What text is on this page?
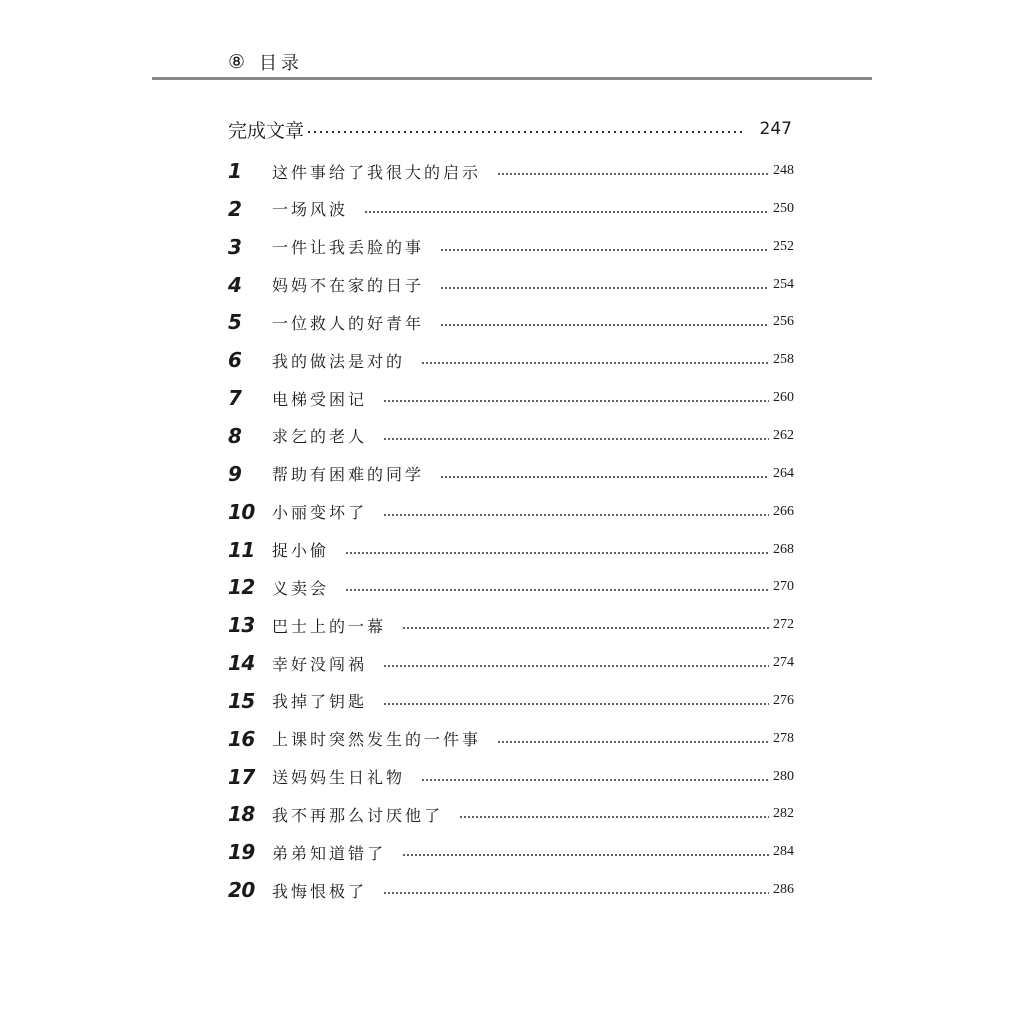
⑧ 目录
完成文章	247
1	这件事给了我很大的启示	248
2	一场风波	250
3	一件让我丢脸的事	252
4	妈妈不在家的日子	254
5	一位救人的好青年	256
6	我的做法是对的	258
7	电梯受困记	260
8	求乞的老人	262
9	帮助有困难的同学	264
10	小丽变坏了	266
11	捉小偷	268
12	义卖会	270
13	巴士上的一幕	272
14	幸好没闯祸	274
15	我掉了钥匙	276
16	上课时突然发生的一件事	278
17	送妈妈生日礼物	280
18	我不再那么讨厌他了	282
19	弟弟知道错了	284
20	我悔恨极了	286
